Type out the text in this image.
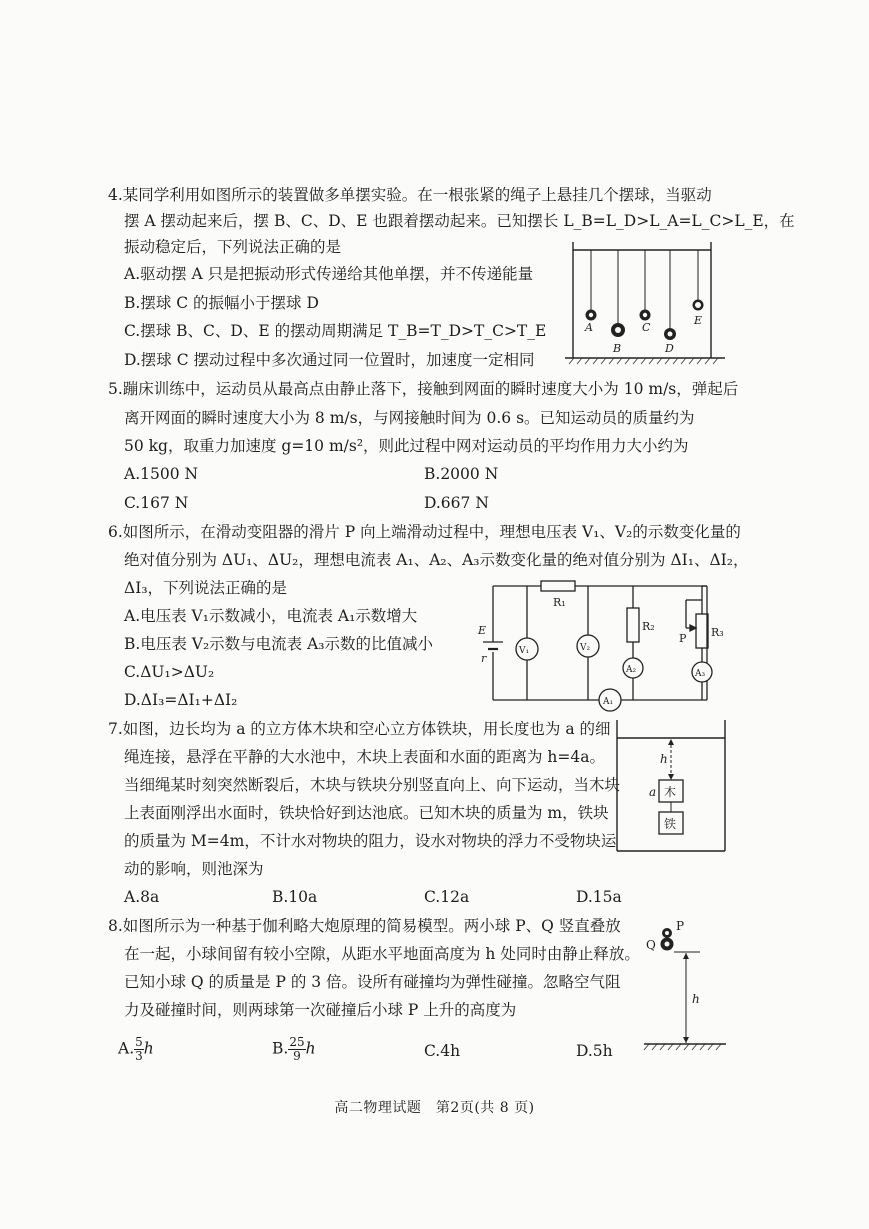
4.某同学利用如图所示的装置做多单摆实验。在一根张紧的绳子上悬挂几个摆球，当驱动
摆 A 摆动起来后，摆 B、C、D、E 也跟着摆动起来。已知摆长 L_B=L_D>L_A=L_C>L_E，在
振动稳定后，下列说法正确的是
A.驱动摆 A 只是把振动形式传递给其他单摆，并不传递能量
B.摆球 C 的振幅小于摆球 D
C.摆球 B、C、D、E 的摆动周期满足 T_B=T_D>T_C>T_E
D.摆球 C 摆动过程中多次通过同一位置时，加速度一定相同
A
B
C
D
E
5.蹦床训练中，运动员从最高点由静止落下，接触到网面的瞬时速度大小为 10 m/s，弹起后
离开网面的瞬时速度大小为 8 m/s，与网接触时间为 0.6 s。已知运动员的质量约为
50 kg，取重力加速度 g=10 m/s²，则此过程中网对运动员的平均作用力大小约为
A.1500 N	B.2000 N
C.167 N	D.667 N
6.如图所示，在滑动变阻器的滑片 P 向上端滑动过程中，理想电压表 V₁、V₂的示数变化量的
绝对值分别为 ΔU₁、ΔU₂，理想电流表 A₁、A₂、A₃示数变化量的绝对值分别为 ΔI₁、ΔI₂，
ΔI₃，下列说法正确的是
A.电压表 V₁示数减小，电流表 A₁示数增大
B.电压表 V₂示数与电流表 A₃示数的比值减小
C.ΔU₁>ΔU₂
D.ΔI₃=ΔI₁+ΔI₂
E
r
R₁
R₂	R₃
P
V₁	V₂
A₂	A₃
A₁
7.如图，边长均为 a 的立方体木块和空心立方体铁块，用长度也为 a 的细
绳连接，悬浮在平静的大水池中，木块上表面和水面的距离为 h=4a。
当细绳某时刻突然断裂后，木块与铁块分别竖直向上、向下运动，当木块
上表面刚浮出水面时，铁块恰好到达池底。已知木块的质量为 m，铁块
的质量为 M=4m，不计水对物块的阻力，设水对物块的浮力不受物块运
动的影响，则池深为
A.8a	B.10a	C.12a	D.15a
h
a 木
铁
8.如图所示为一种基于伽利略大炮原理的简易模型。两小球 P、Q 竖直叠放
在一起，小球间留有较小空隙，从距水平地面高度为 h 处同时由静止释放。
已知小球 Q 的质量是 P 的 3 倍。设所有碰撞均为弹性碰撞。忽略空气阻
力及碰撞时间，则两球第一次碰撞后小球 P 上升的高度为
A. $\frac{5}{3}$ h	B. $\frac{25}{9}$ h	C.4h	D.5h
P
Q
h
高二物理试题　第2页(共 8 页)
